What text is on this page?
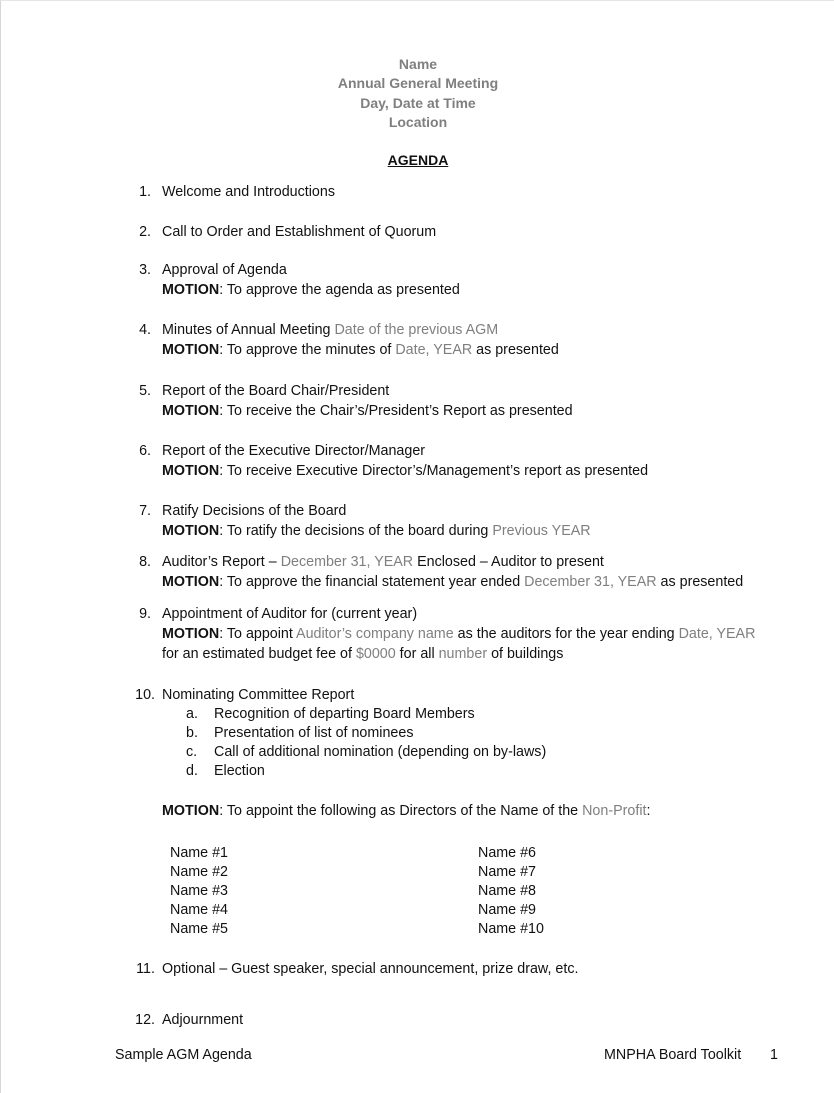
Name
Annual General Meeting
Day, Date at Time
Location
AGENDA
1. Welcome and Introductions
2. Call to Order and Establishment of Quorum
3. Approval of Agenda
MOTION: To approve the agenda as presented
4. Minutes of Annual Meeting Date of the previous AGM
MOTION: To approve the minutes of Date, YEAR as presented
5. Report of the Board Chair/President
MOTION: To receive the Chair’s/President’s Report as presented
6. Report of the Executive Director/Manager
MOTION: To receive Executive Director’s/Management’s report as presented
7. Ratify Decisions of the Board
MOTION: To ratify the decisions of the board during Previous YEAR
8. Auditor’s Report – December 31, YEAR Enclosed – Auditor to present
MOTION: To approve the financial statement year ended December 31, YEAR as presented
9. Appointment of Auditor for (current year)
MOTION: To appoint Auditor’s company name as the auditors for the year ending Date, YEAR
for an estimated budget fee of $0000 for all number of buildings
10. Nominating Committee Report
a. Recognition of departing Board Members
b. Presentation of list of nominees
c. Call of additional nomination (depending on by-laws)
d. Election
MOTION: To appoint the following as Directors of the Name of the Non-Profit:
Name #1
Name #2
Name #3
Name #4
Name #5
Name #6
Name #7
Name #8
Name #9
Name #10
11. Optional – Guest speaker, special announcement, prize draw, etc.
12. Adjournment
Sample AGM Agenda	MNPHA Board Toolkit 1
